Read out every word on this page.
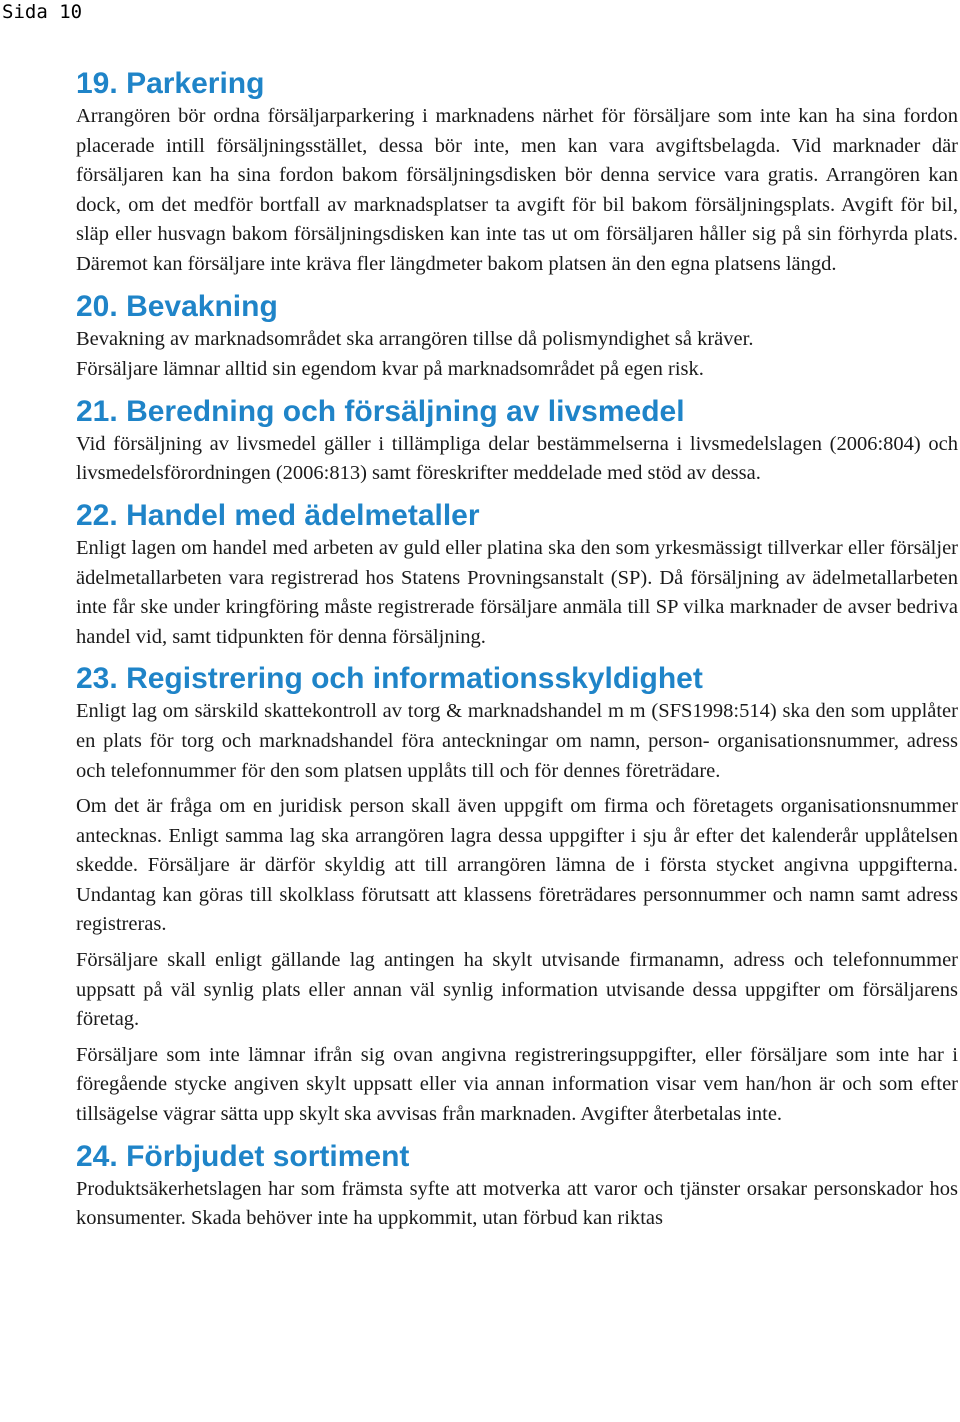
Sida 10
19. Parkering

Arrangören bör ordna försäljarparkering i marknadens närhet för försäljare som inte kan ha sina fordon placerade intill försäljningsstället, dessa bör inte, men kan vara avgiftsbelagda. Vid marknader där försäljaren kan ha sina fordon bakom försäljningsdisken bör denna service vara gratis. Arrangören kan dock, om det medför bortfall av marknadsplatser ta avgift för bil bakom försäljningsplats. Avgift för bil, släp eller husvagn bakom försäljningsdisken kan inte tas ut om försäljaren håller sig på sin förhyrda plats. Däremot kan försäljare inte kräva fler längdmeter bakom platsen än den egna platsens längd.

20. Bevakning

Bevakning av marknadsområdet ska arrangören tillse då polismyndighet så kräver.

Försäljare lämnar alltid sin egendom kvar på marknadsområdet på egen risk.

21. Beredning och försäljning av livsmedel

Vid försäljning av livsmedel gäller i tillämpliga delar bestämmelserna i livsmedelslagen (2006:804) och livsmedelsförordningen (2006:813) samt föreskrifter meddelade med stöd av dessa.

22. Handel med ädelmetaller

Enligt lagen om handel med arbeten av guld eller platina ska den som yrkesmässigt tillverkar eller försäljer ädelmetallarbeten vara registrerad hos Statens Provningsanstalt (SP). Då försäljning av ädelmetallarbeten inte får ske under kringföring måste registrerade försäljare anmäla till SP vilka marknader de avser bedriva handel vid, samt tidpunkten för denna försäljning.

23. Registrering och informationsskyldighet

Enligt lag om särskild skattekontroll av torg & marknadshandel m m (SFS1998:514) ska den som upplåter en plats för torg och marknadshandel föra anteckningar om namn, person- organisationsnummer, adress och telefonnummer för den som platsen upplåts till och för dennes företrädare.

Om det är fråga om en juridisk person skall även uppgift om firma och företagets organisationsnummer antecknas. Enligt samma lag ska arrangören lagra dessa uppgifter i sju år efter det kalenderår upplåtelsen skedde. Försäljare är därför skyldig att till arrangören lämna de i första stycket angivna uppgifterna. Undantag kan göras till skolklass förutsatt att klassens företrädares personnummer och namn samt adress registreras.

Försäljare skall enligt gällande lag antingen ha skylt utvisande firmanamn, adress och telefonnummer uppsatt på väl synlig plats eller annan väl synlig information utvisande dessa uppgifter om försäljarens företag.

Försäljare som inte lämnar ifrån sig ovan angivna registreringsuppgifter, eller försäljare som inte har i föregående stycke angiven skylt uppsatt eller via annan information visar vem han/hon är och som efter tillsägelse vägrar sätta upp skylt ska avvisas från marknaden. Avgifter återbetalas inte.

24. Förbjudet sortiment

Produktsäkerhetslagen har som främsta syfte att motverka att varor och tjänster orsakar personskador hos konsumenter. Skada behöver inte ha uppkommit, utan förbud kan riktas
